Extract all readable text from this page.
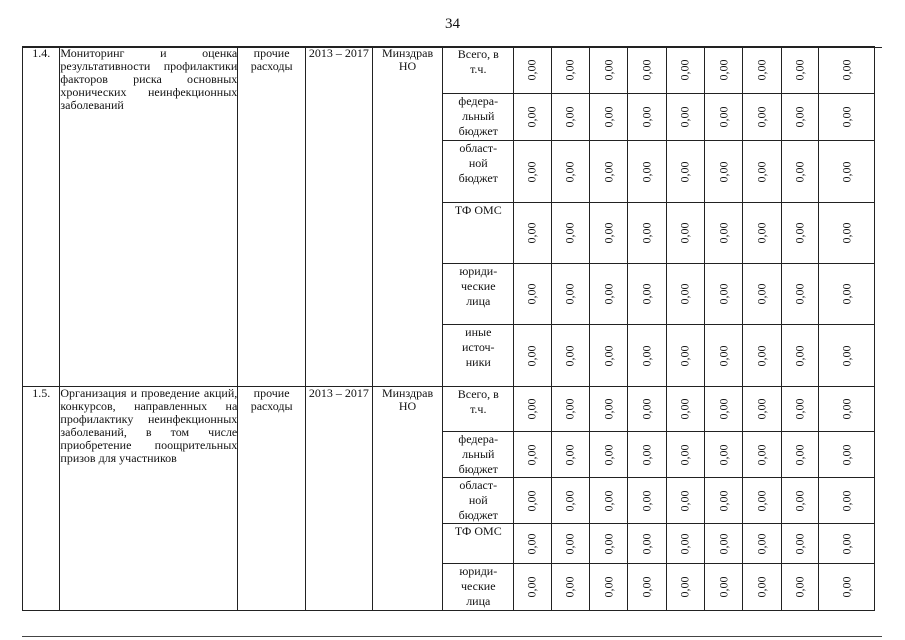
34
1.4.	Мониторинг и оценка результативности профилактики факторов риска основных хронических неинфекционных заболеваний	прочие расходы	2013 – 2017	Минздрав НО	Всего, в
т.ч.	0,00	0,00	0,00	0,00	0,00	0,00	0,00	0,00	0,00

					федера-
льный
бюджет	0,00	0,00	0,00	0,00	0,00	0,00	0,00	0,00	0,00

					област-
ной
бюджет	0,00	0,00	0,00	0,00	0,00	0,00	0,00	0,00	0,00

					ТФ ОМС	0,00	0,00	0,00	0,00	0,00	0,00	0,00	0,00	0,00

					юриди-
ческие
лица	0,00	0,00	0,00	0,00	0,00	0,00	0,00	0,00	0,00

					иные
источ-
ники	0,00	0,00	0,00	0,00	0,00	0,00	0,00	0,00	0,00

1.5.	Организация и проведение акций, конкурсов, направленных на профилактику неинфекционных заболеваний, в том числе приобретение поощрительных призов для участников	прочие расходы	2013 – 2017	Минздрав НО	Всего, в
т.ч.	0,00	0,00	0,00	0,00	0,00	0,00	0,00	0,00	0,00

					федера-
льный
бюджет	0,00	0,00	0,00	0,00	0,00	0,00	0,00	0,00	0,00

					област-
ной
бюджет	0,00	0,00	0,00	0,00	0,00	0,00	0,00	0,00	0,00

					ТФ ОМС	0,00	0,00	0,00	0,00	0,00	0,00	0,00	0,00	0,00

					юриди-
ческие
лица	0,00	0,00	0,00	0,00	0,00	0,00	0,00	0,00	0,00
